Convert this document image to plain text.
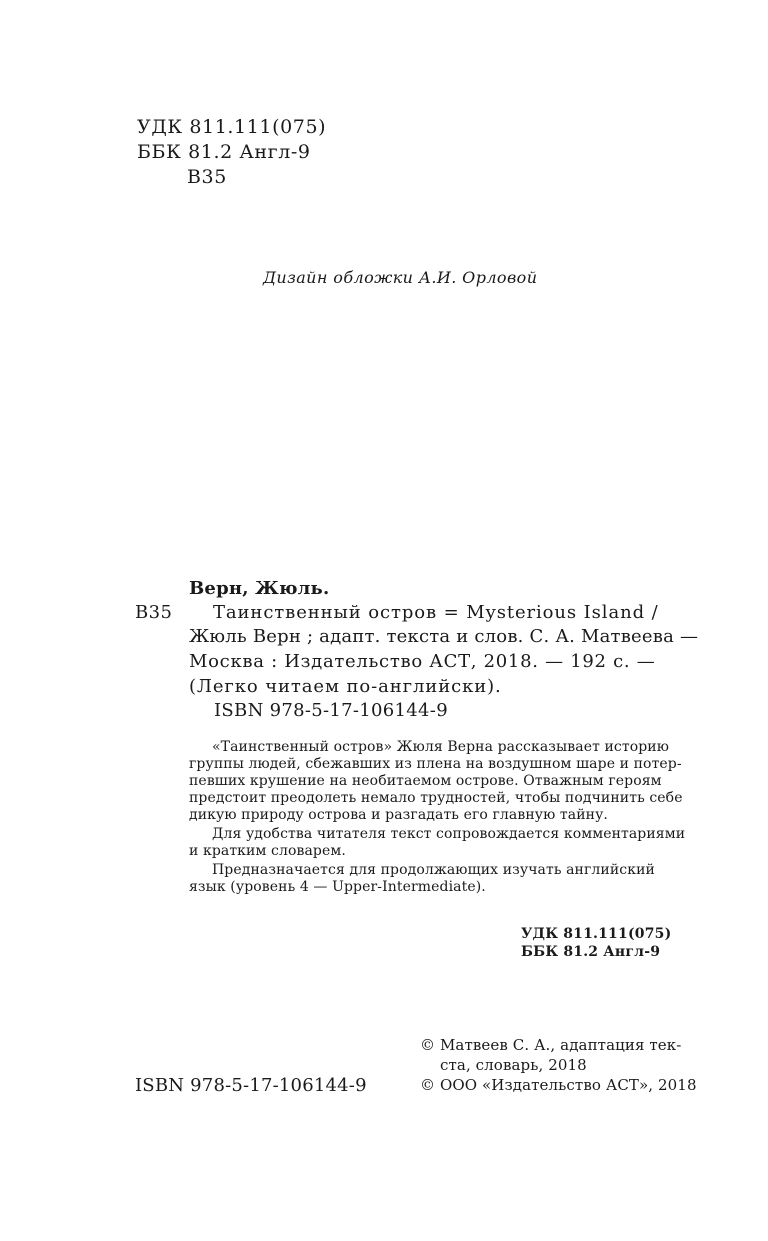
УДК 811.111(075)
ББК 81.2 Англ-9
В35
Дизайн обложки А.И. Орловой
Верн, Жюль.
В35 Таинственный остров = Mysterious Island /
Жюль Верн ; адапт. текста и слов. С. А. Матвеева —
Москва : Издательство АСТ, 2018. — 192 с. —
(Легко читаем по-английски).
ISBN 978-5-17-106144-9
«Таинственный остров» Жюля Верна рассказывает историю
группы людей, сбежавших из плена на воздушном шаре и потер-
певших крушение на необитаемом острове. Отважным героям
предстоит преодолеть немало трудностей, чтобы подчинить себе
дикую природу острова и разгадать его главную тайну.
Для удобства читателя текст сопровождается комментариями
и кратким словарем.
Предназначается для продолжающих изучать английский
язык (уровень 4 — Upper-Intermediate).
УДК 811.111(075)
ББК 81.2 Англ-9
© Матвеев С. А., адаптация тек-
ста, словарь, 2018
© ООО «Издательство АСТ», 2018
ISBN 978-5-17-106144-9
